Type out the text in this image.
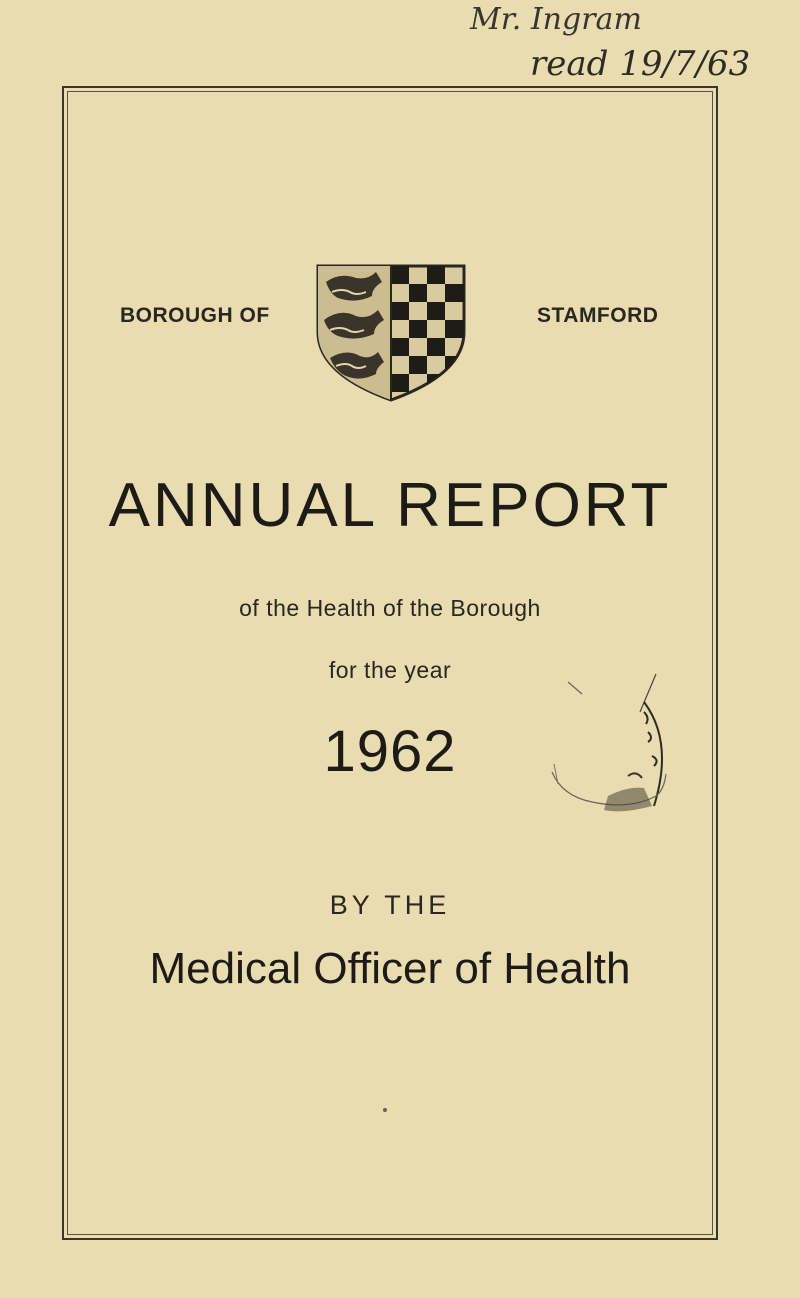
Mr. Ingram
read 19/7/63
BOROUGH OF	STAMFORD
ANNUAL REPORT
of the Health of the Borough
for the year
1962
BY THE
Medical Officer of Health
